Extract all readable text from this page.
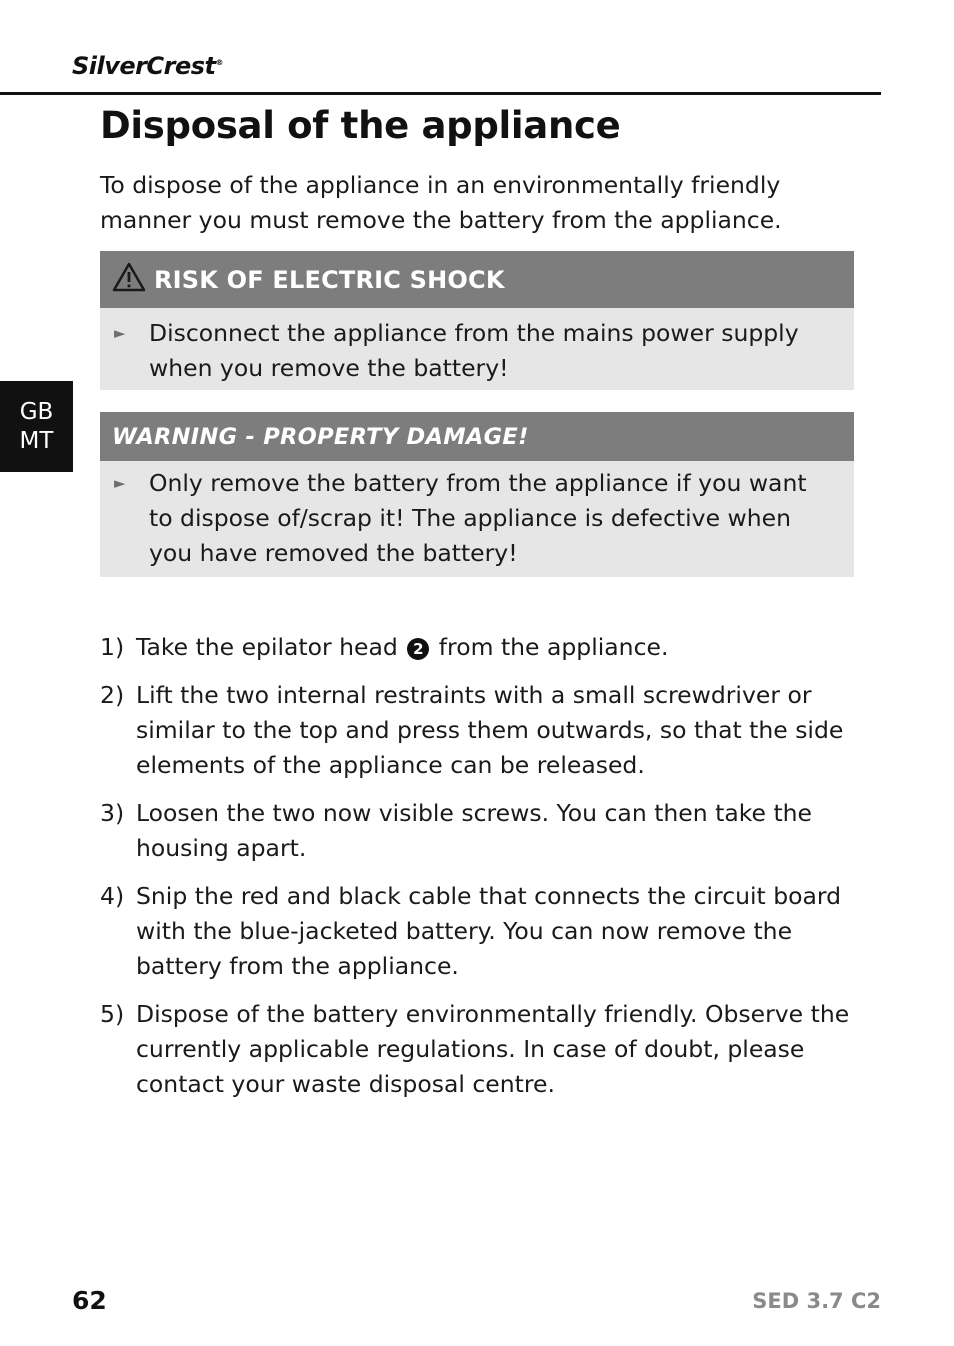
SilverCrest®
Disposal of the appliance

To dispose of the appliance in an environmentally friendly manner you must remove the battery from the appliance.

RISK OF ELECTRIC SHOCK
► Disconnect the appliance from the mains power supply when you remove the battery!

GB
MT	WARNING - PROPERTY DAMAGE!
► Only remove the battery from the appliance if you want to dispose of/scrap it! The appliance is defective when you have removed the battery!

1) Take the epilator head 2 from the appliance.
2) Lift the two internal restraints with a small screwdriver or similar to the top and press them outwards, so that the side elements of the appliance can be released.
3) Loosen the two now visible screws. You can then take the housing apart.
4) Snip the red and black cable that connects the circuit board with the blue-jacketed battery. You can now remove the battery from the appliance.
5) Dispose of the battery environmentally friendly. Observe the currently applicable regulations. In case of doubt, please contact your waste disposal centre.
62	SED 3.7 C2
